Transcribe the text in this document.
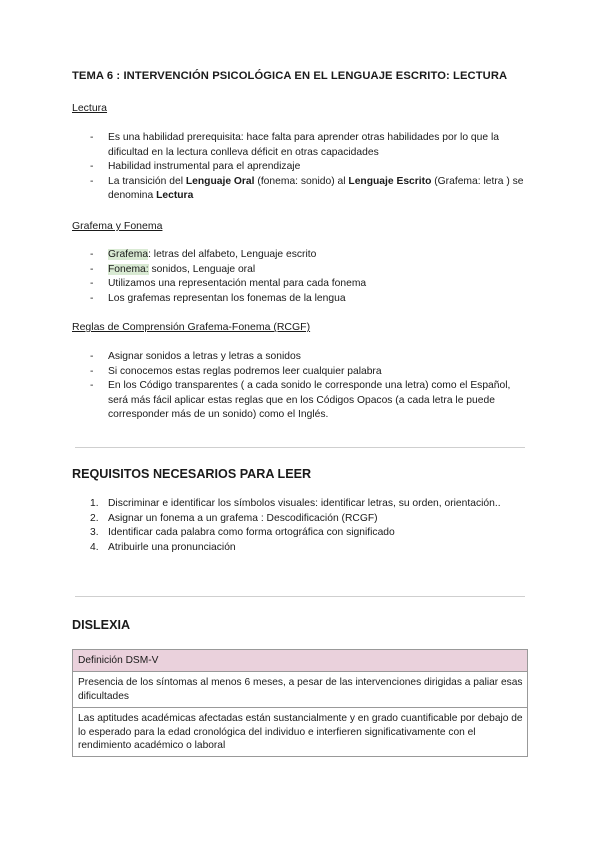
TEMA 6 : INTERVENCIÓN PSICOLÓGICA EN EL LENGUAJE ESCRITO: LECTURA
Lectura
- Es una habilidad prerequisita: hace falta para aprender otras habilidades por lo que la dificultad en la lectura conlleva déficit en otras capacidades
- Habilidad instrumental para el aprendizaje
- La transición del Lenguaje Oral (fonema: sonido) al Lenguaje Escrito (Grafema: letra ) se denomina Lectura
Grafema y Fonema
- Grafema: letras del alfabeto, Lenguaje escrito
- Fonema: sonidos, Lenguaje oral
- Utilizamos una representación mental para cada fonema
- Los grafemas representan los fonemas de la lengua
Reglas de Comprensión Grafema-Fonema (RCGF)
- Asignar sonidos a letras y letras a sonidos
- Si conocemos estas reglas podremos leer cualquier palabra
- En los Código transparentes ( a cada sonido le corresponde una letra) como el Español, será más fácil aplicar estas reglas que en los Códigos Opacos (a cada letra le puede corresponder más de un sonido) como el Inglés.
REQUISITOS NECESARIOS PARA LEER
1. Discriminar e identificar los símbolos visuales: identificar letras, su orden, orientación..
2. Asignar un fonema a un grafema : Descodificación (RCGF)
3. Identificar cada palabra como forma ortográfica con significado
4. Atribuirle una pronunciación
DISLEXIA
Definición DSM-V
Presencia de los síntomas al menos 6 meses, a pesar de las intervenciones dirigidas a paliar esas dificultades
Las aptitudes académicas afectadas están sustancialmente y en grado cuantificable por debajo de lo esperado para la edad cronológica del individuo e interfieren significativamente con el rendimiento académico o laboral
